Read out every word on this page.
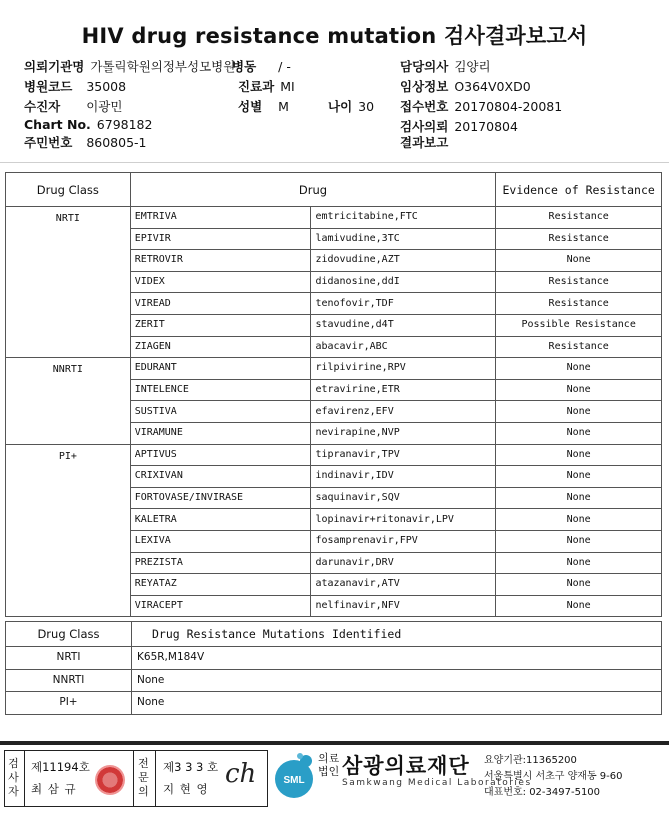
HIV drug resistance mutation 검사결과보고서
의뢰기관명 가톨릭학원의정부성모병원
병동 / -	담당의사 김양리
병원코드 35008	진료과 MI	임상정보 O364V0XD0
수진자 이광민	성별 M	나이 30 접수번호 20170804-20081
Chart No. 6798182	검사의뢰 20170804
주민번호 860805-1	결과보고
Drug Class	Drug		Evidence of Resistance
NRTI	EMTRIVA	emtricitabine,FTC	Resistance
	EPIVIR	lamivudine,3TC	Resistance
	RETROVIR	zidovudine,AZT	None
	VIDEX	didanosine,ddI	Resistance
	VIREAD	tenofovir,TDF	Resistance
	ZERIT	stavudine,d4T	Possible Resistance
	ZIAGEN	abacavir,ABC	Resistance
NNRTI	EDURANT	rilpivirine,RPV	None
	INTELENCE	etravirine,ETR	None
	SUSTIVA	efavirenz,EFV	None
	VIRAMUNE	nevirapine,NVP	None
PI+	APTIVUS	tipranavir,TPV	None
	CRIXIVAN	indinavir,IDV	None
	FORTOVASE/INVIRASE	saquinavir,SQV	None
	KALETRA	lopinavir+ritonavir,LPV	None
	LEXIVA	fosamprenavir,FPV	None
	PREZISTA	darunavir,DRV	None
	REYATAZ	atazanavir,ATV	None
	VIRACEPT	nelfinavir,NFV	None
Drug Class	Drug Resistance Mutations Identified
NRTI	K65R,M184V
NNRTI	None
PI+	None
검
사
자
제11194호
최 삼 규
전
문
의
제3 3 3 호
지 현 영 ch	SML
의료
법인 삼광의료재단
Samkwang Medical Laboratories
요양기관:11365200
서울특별시 서초구 양재동 9-60
대표번호: 02-3497-5100
